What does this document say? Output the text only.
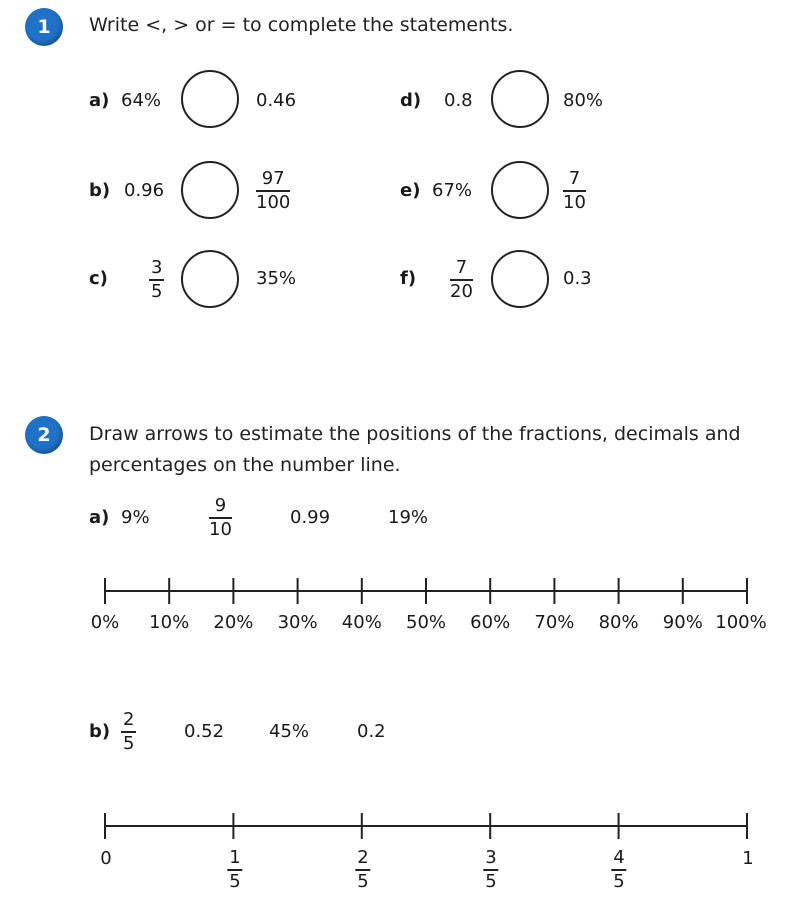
1 Write <, > or = to complete the statements.
a) 64%	0.46
b) 0.96
97
100
c)
3
5
35%
d) 0.8	80%
e) 67%
7
10
f)
7
20
0.3
2 Draw arrows to estimate the positions of the fractions, decimals and
percentages on the number line.
a) 9%
9
10
0.99	19%
0% 10% 20% 30% 40% 50% 60% 70% 80% 90% 100%
b)
2
5
0.52 45%	0.2
0	1
5
2
5
3
5
4
5
1
